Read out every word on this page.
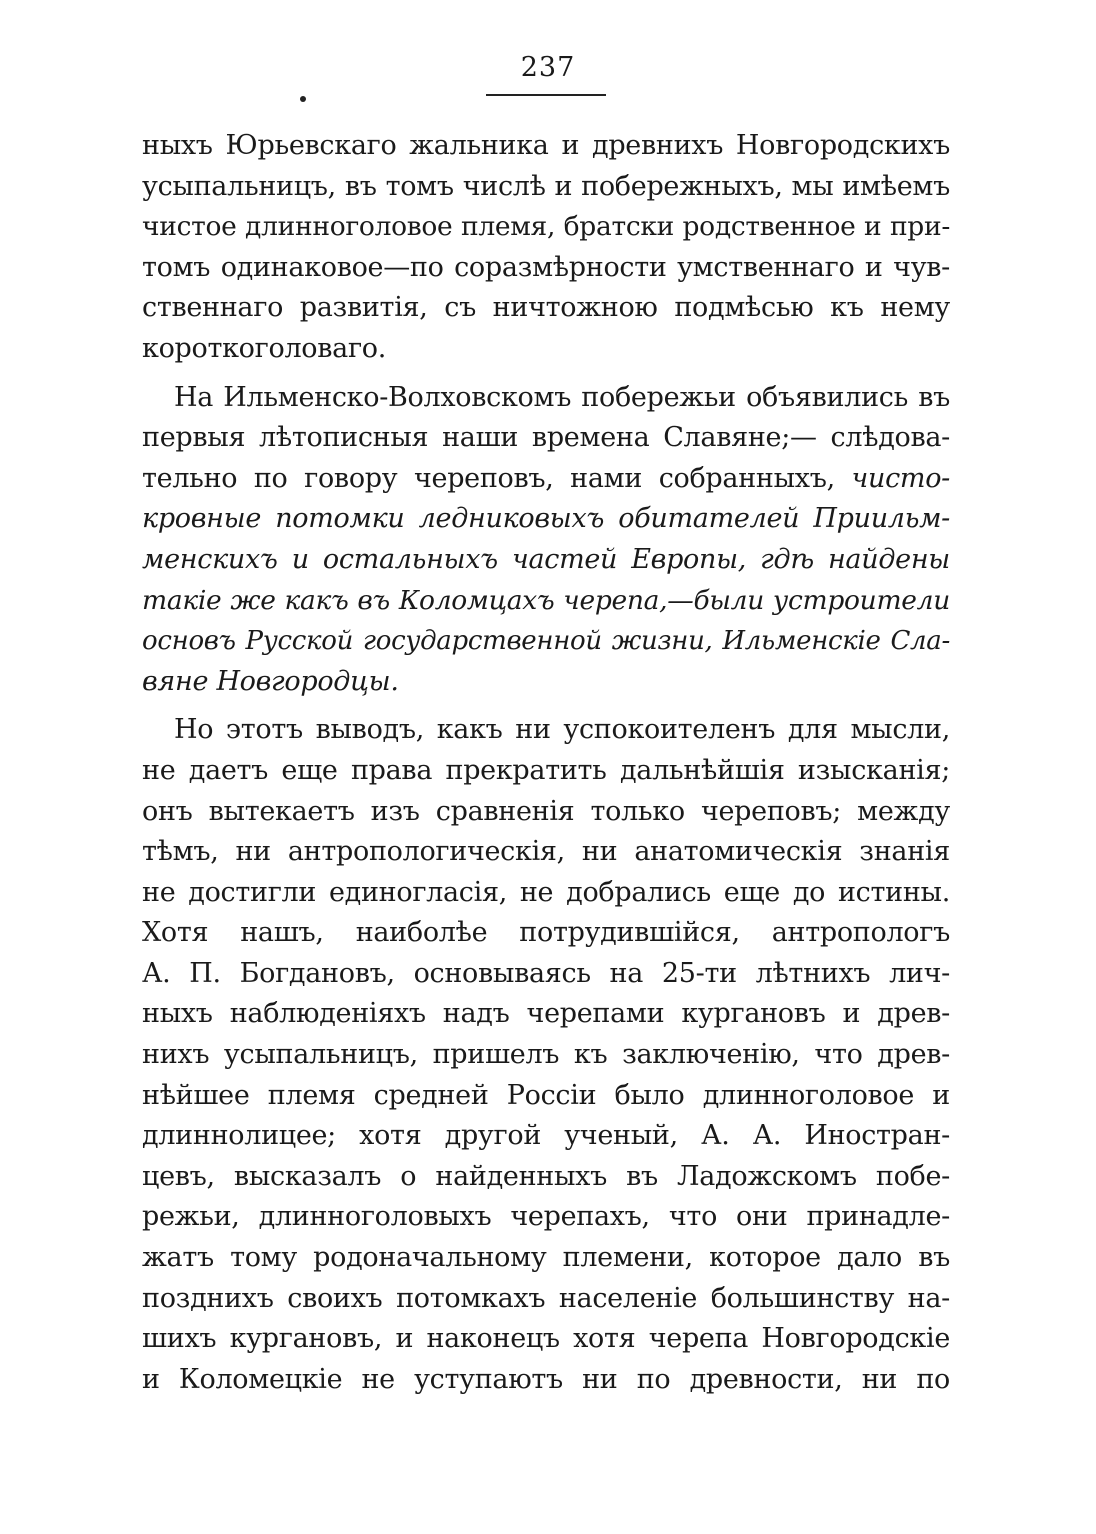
237
ныхъ Юрьевскаго жальника и древнихъ Новгородскихъ
усыпальницъ, въ томъ числѣ и побережныхъ, мы имѣемъ
чистое длинноголовое племя, братски родственное и при-
томъ одинаковое—по соразмѣрности умственнаго и чув-
ственнаго развитія, съ ничтожною подмѣсью къ нему
короткоголоваго.
На Ильменско-Волховскомъ побережьи объявились въ
первыя лѣтописныя наши времена Славяне;— слѣдова-
тельно по говору череповъ, нами собранныхъ, чисто-
кровные потомки ледниковыхъ обитателей Приильм-
менскихъ и остальныхъ частей Европы, гдѣ найдены
такіе же какъ въ Коломцахъ черепа,—были устроители
основъ Русской государственной жизни, Ильменскіе Сла-
вяне Новгородцы.
Но этотъ выводъ, какъ ни успокоителенъ для мысли,
не даетъ еще права прекратить дальнѣйшія изысканія;
онъ вытекаетъ изъ сравненія только череповъ; между
тѣмъ, ни антропологическія, ни анатомическія знанія
не достигли единогласія, не добрались еще до истины.
Хотя нашъ, наиболѣе потрудившійся, антропологъ
А. П. Богдановъ, основываясь на 25-ти лѣтнихъ лич-
ныхъ наблюденіяхъ надъ черепами кургановъ и древ-
нихъ усыпальницъ, пришелъ къ заключенію, что древ-
нѣйшее племя средней Россіи было длинноголовое и
длиннолицее; хотя другой ученый, А. А. Иностран-
цевъ, высказалъ о найденныхъ въ Ладожскомъ побе-
режьи, длинноголовыхъ черепахъ, что они принадле-
жатъ тому родоначальному племени, которое дало въ
позднихъ своихъ потомкахъ населеніе большинству на-
шихъ кургановъ, и наконецъ хотя черепа Новгородскіе
и Коломецкіе не уступаютъ ни по древности, ни по
